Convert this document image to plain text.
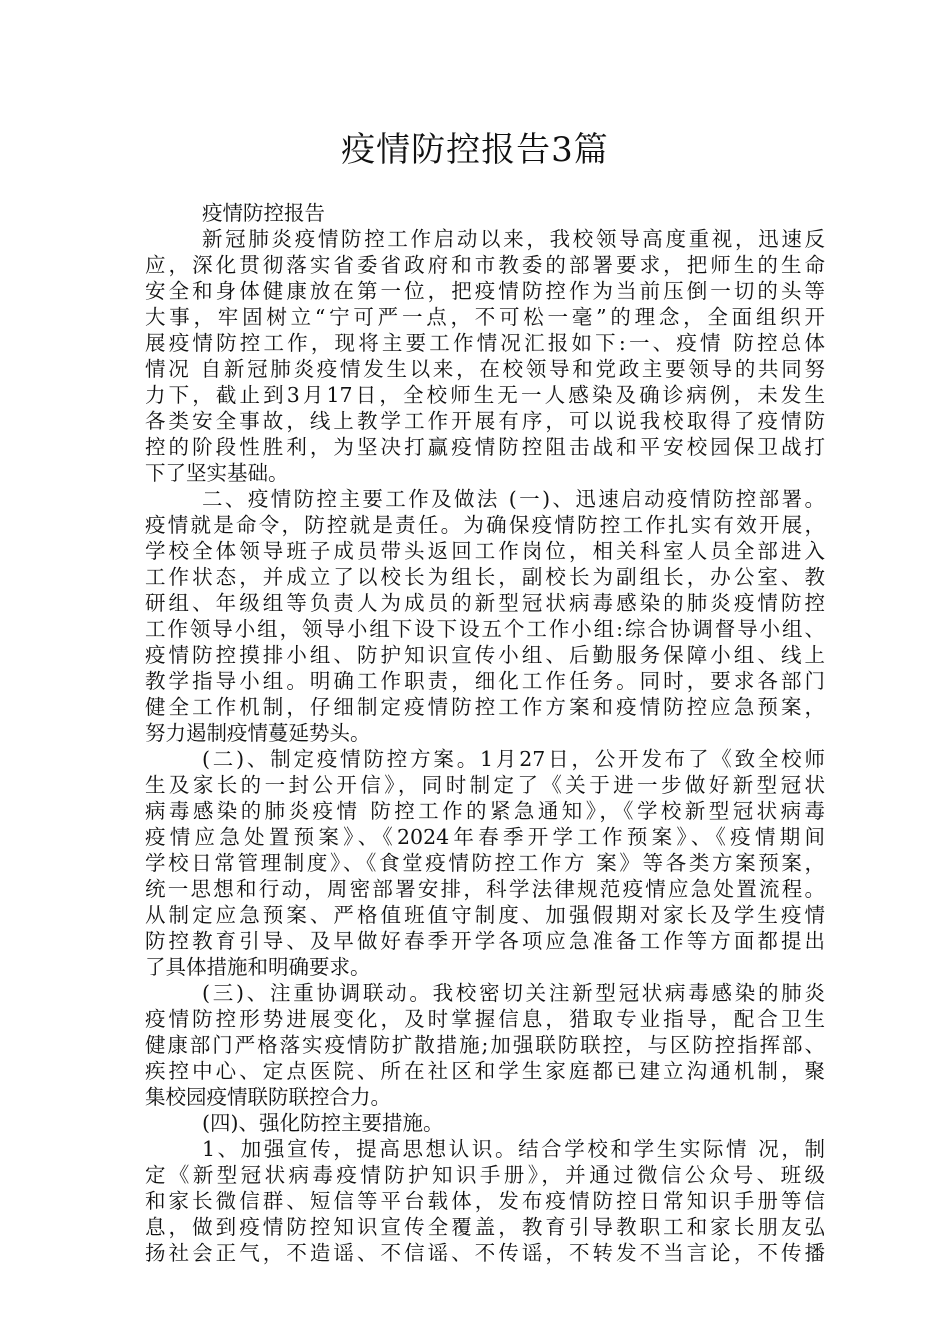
疫情防控报告3篇
疫情防控报告
新冠肺炎疫情防控工作启动以来，我校领导高度重视，迅速反
应，深化贯彻落实省委省政府和市教委的部署要求，把师生的生命
安全和身体健康放在第一位，把疫情防控作为当前压倒一切的头等
大事，牢固树立“宁可严一点，不可松一毫”的理念，全面组织开
展疫情防控工作，现将主要工作情况汇报如下:一、疫情 防控总体
情况 自新冠肺炎疫情发生以来，在校领导和党政主要领导的共同努
力下，截止到3月17日，全校师生无一人感染及确诊病例，未发生
各类安全事故，线上教学工作开展有序，可以说我校取得了疫情防
控的阶段性胜利，为坚决打赢疫情防控阻击战和平安校园保卫战打
下了坚实基础。
二、疫情防控主要工作及做法 (一)、迅速启动疫情防控部署。
疫情就是命令，防控就是责任。为确保疫情防控工作扎实有效开展，
学校全体领导班子成员带头返回工作岗位，相关科室人员全部进入
工作状态，并成立了以校长为组长，副校长为副组长，办公室、教
研组、年级组等负责人为成员的新型冠状病毒感染的肺炎疫情防控
工作领导小组，领导小组下设下设五个工作小组:综合协调督导小组、
疫情防控摸排小组、防护知识宣传小组、后勤服务保障小组、线上
教学指导小组。明确工作职责，细化工作任务。同时，要求各部门
健全工作机制，仔细制定疫情防控工作方案和疫情防控应急预案，
努力遏制疫情蔓延势头。
(二)、制定疫情防控方案。1月27日，公开发布了《致全校师
生及家长的一封公开信》，同时制定了《关于进一步做好新型冠状
病毒感染的肺炎疫情 防控工作的紧急通知》，《学校新型冠状病毒
疫情应急处置预案》、《2024年春季开学工作预案》、《疫情期间
学校日常管理制度》、《食堂疫情防控工作方 案》等各类方案预案，
统一思想和行动，周密部署安排，科学法律规范疫情应急处置流程。
从制定应急预案、严格值班值守制度、加强假期对家长及学生疫情
防控教育引导、及早做好春季开学各项应急准备工作等方面都提出
了具体措施和明确要求。
(三)、注重协调联动。我校密切关注新型冠状病毒感染的肺炎
疫情防控形势进展变化，及时掌握信息，猎取专业指导，配合卫生
健康部门严格落实疫情防扩散措施;加强联防联控，与区防控指挥部、
疾控中心、定点医院、所在社区和学生家庭都已建立沟通机制，聚
集校园疫情联防联控合力。
(四)、强化防控主要措施。
1、加强宣传，提高思想认识。结合学校和学生实际情 况，制
定《新型冠状病毒疫情防护知识手册》，并通过微信公众号、班级
和家长微信群、短信等平台载体，发布疫情防控日常知识手册等信
息，做到疫情防控知识宣传全覆盖，教育引导教职工和家长朋友弘
扬社会正气，不造谣、不信谣、不传谣，不转发不当言论，不传播
